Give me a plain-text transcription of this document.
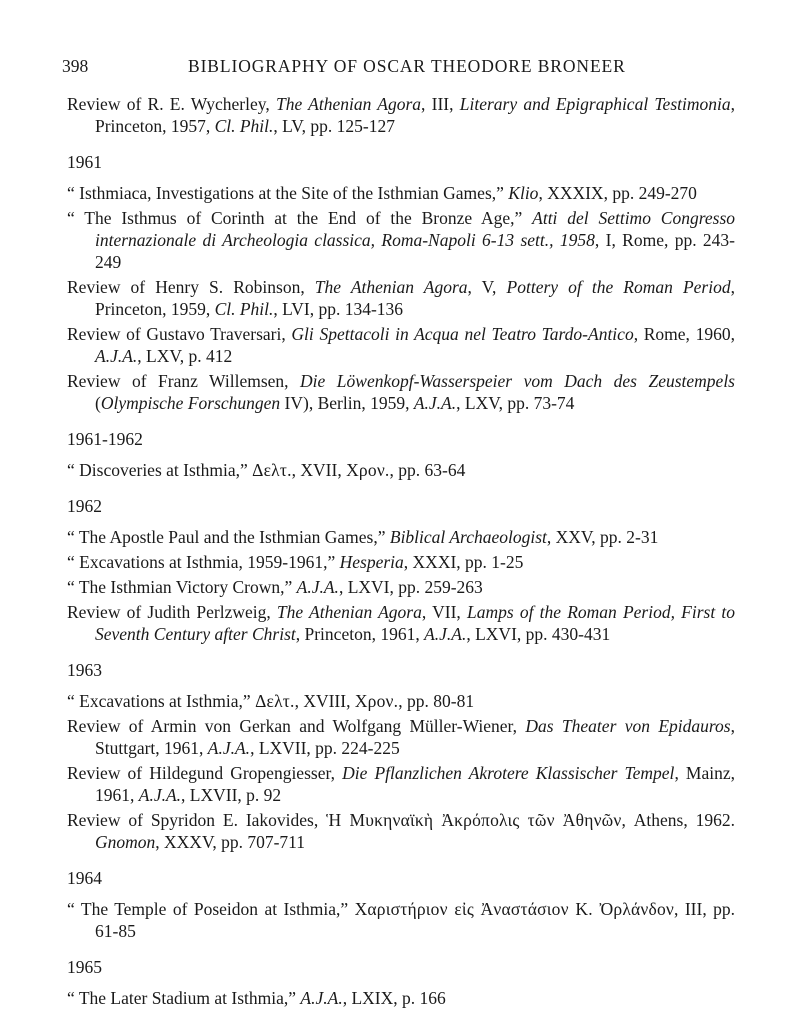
398	BIBLIOGRAPHY OF OSCAR THEODORE BRONEER

Review of R. E. Wycherley, The Athenian Agora, III, Literary and Epigraphical Testimonia, Princeton, 1957, Cl. Phil., LV, pp. 125-127

1961

“ Isthmiaca, Investigations at the Site of the Isthmian Games,” Klio, XXXIX, pp. 249-270

“ The Isthmus of Corinth at the End of the Bronze Age,” Atti del Settimo Congresso internazionale di Archeologia classica, Roma-Napoli 6-13 sett., 1958, I, Rome, pp. 243-249

Review of Henry S. Robinson, The Athenian Agora, V, Pottery of the Roman Period, Princeton, 1959, Cl. Phil., LVI, pp. 134-136

Review of Gustavo Traversari, Gli Spettacoli in Acqua nel Teatro Tardo-Antico, Rome, 1960, A.J.A., LXV, p. 412

Review of Franz Willemsen, Die Löwenkopf-Wasserspeier vom Dach des Zeustempels (Olympische Forschungen IV), Berlin, 1959, A.J.A., LXV, pp. 73-74

1961-1962

“ Discoveries at Isthmia,” Δελτ., XVII, Χρον., pp. 63-64

1962

“ The Apostle Paul and the Isthmian Games,” Biblical Archaeologist, XXV, pp. 2-31

“ Excavations at Isthmia, 1959-1961,” Hesperia, XXXI, pp. 1-25

“ The Isthmian Victory Crown,” A.J.A., LXVI, pp. 259-263

Review of Judith Perlzweig, The Athenian Agora, VII, Lamps of the Roman Period, First to Seventh Century after Christ, Princeton, 1961, A.J.A., LXVI, pp. 430-431

1963

“ Excavations at Isthmia,” Δελτ., XVIII, Χρον., pp. 80-81

Review of Armin von Gerkan and Wolfgang Müller-Wiener, Das Theater von Epidauros, Stuttgart, 1961, A.J.A., LXVII, pp. 224-225

Review of Hildegund Gropengiesser, Die Pflanzlichen Akrotere Klassischer Tempel, Mainz, 1961, A.J.A., LXVII, p. 92

Review of Spyridon E. Iakovides, Ἡ Μυκηναϊκὴ Ἀκρόπολις τῶν Ἀθηνῶν, Athens, 1962. Gnomon, XXXV, pp. 707-711

1964

“ The Temple of Poseidon at Isthmia,” Χαριστήριον εἰς Ἀναστάσιον Κ. Ὀρλάνδον, III, pp. 61-85

1965

“ The Later Stadium at Isthmia,” A.J.A., LXIX, p. 166
